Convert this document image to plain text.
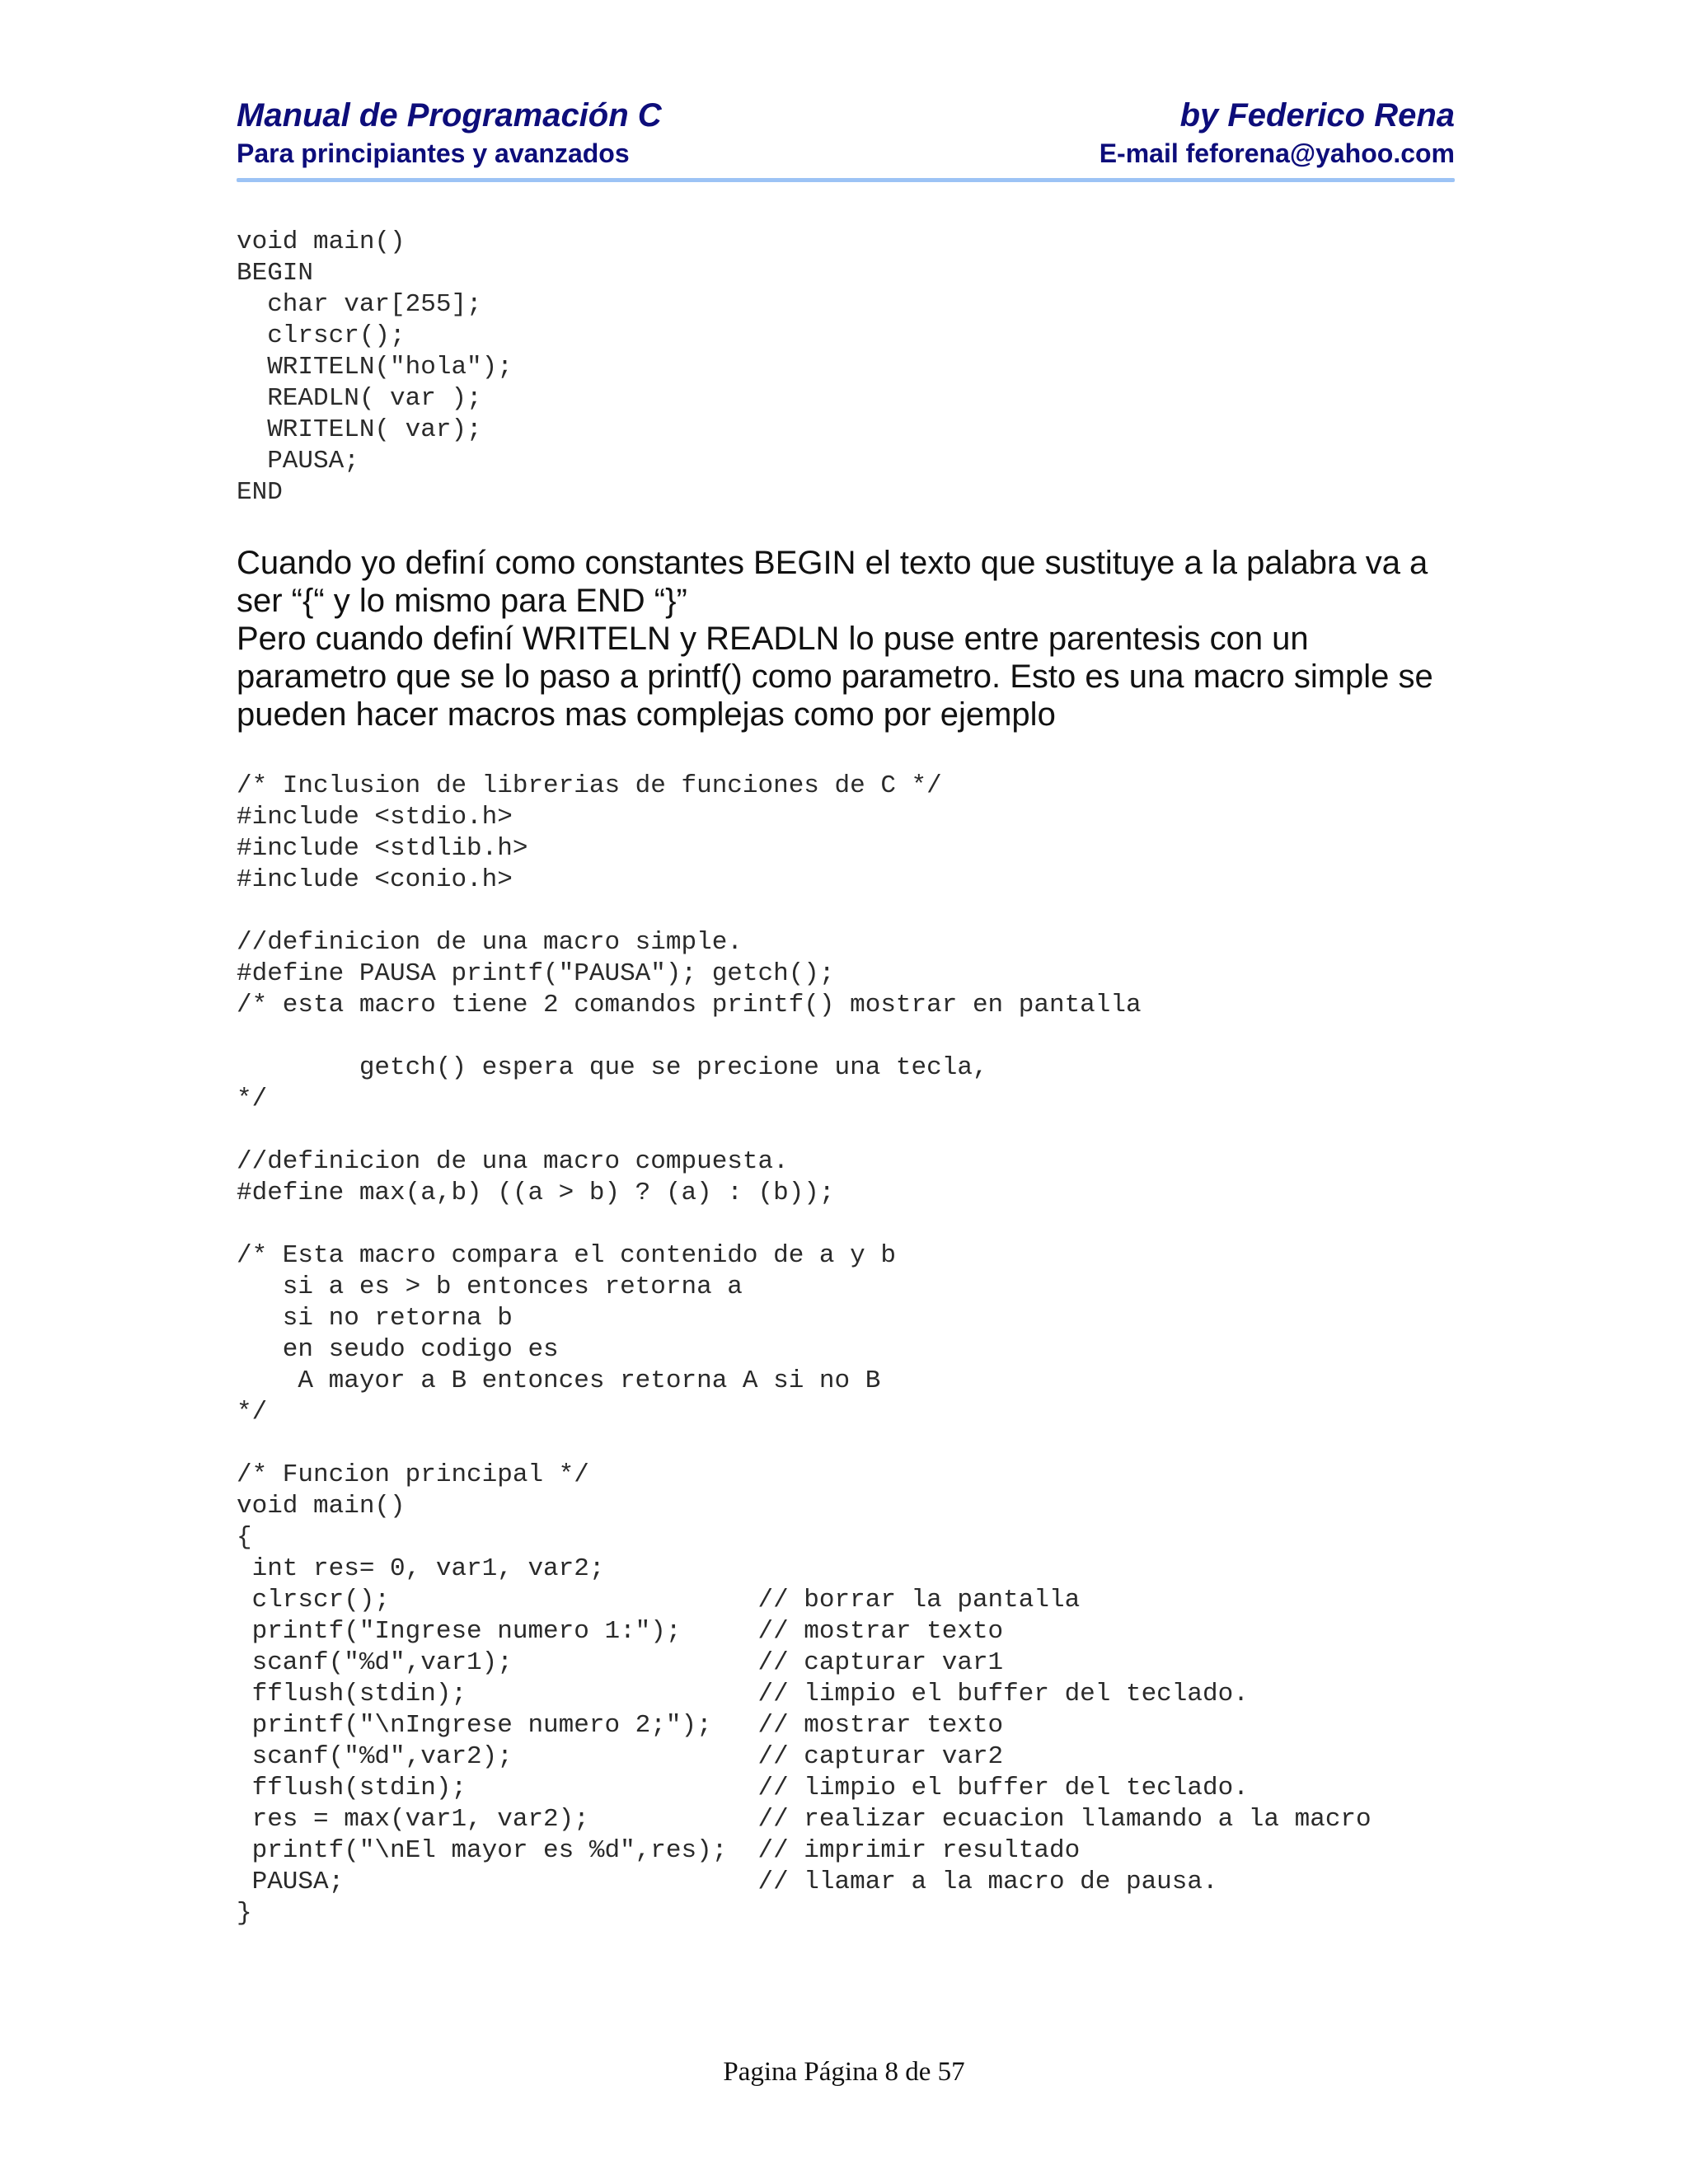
Manual de Programación C
Para principiantes y avanzados
by Federico Rena
E-mail feforena@yahoo.com
void main()
BEGIN
char var[255];
clrscr();
WRITELN("hola");
READLN( var );
WRITELN( var);
PAUSA;
END

Cuando yo definí como constantes BEGIN el texto que sustituye a la palabra va a ser “{“ y lo mismo para END “}”

Pero cuando definí WRITELN y READLN lo puse entre parentesis con un parametro que se lo paso a printf() como parametro. Esto es una macro simple se pueden hacer macros mas complejas como por ejemplo

/* Inclusion de librerias de funciones de C */
#include <stdio.h>
#include <stdlib.h>
#include <conio.h>

//definicion de una macro simple.
#define PAUSA printf("PAUSA"); getch();
/* esta macro tiene 2 comandos printf() mostrar en pantalla

getch() espera que se precione una tecla,
*/

//definicion de una macro compuesta.
#define max(a,b) ((a > b) ? (a) : (b));

/* Esta macro compara el contenido de a y b
si a es > b entonces retorna a
si no retorna b
en seudo codigo es
A mayor a B entonces retorna A si no B
*/

/* Funcion principal */
void main()
{
int res= 0, var1, var2;
clrscr();                        // borrar la pantalla
printf("Ingrese numero 1:");     // mostrar texto
scanf("%d",var1);                // capturar var1
fflush(stdin);                   // limpio el buffer del teclado.
printf("\nIngrese numero 2;");   // mostrar texto
scanf("%d",var2);                // capturar var2
fflush(stdin);                   // limpio el buffer del teclado.
res = max(var1, var2);           // realizar ecuacion llamando a la macro
printf("\nEl mayor es %d",res);  // imprimir resultado
PAUSA;                           // llamar a la macro de pausa.
}
Pagina Página 8 de 57
